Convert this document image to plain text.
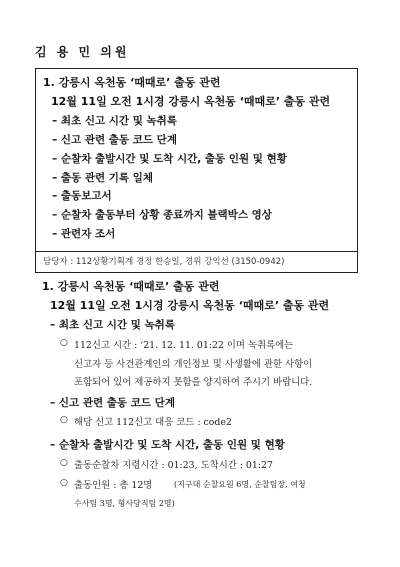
김 용 민 의원
1. 강릉시 옥천동 ‘때때로’ 출동 관련
12월 11일 오전 1시경 강릉시 옥천동 ‘때때로’ 출동 관련
– 최초 신고 시간 및 녹취록
– 신고 관련 출동 코드 단계
– 순찰차 출발시간 및 도착 시간, 출동 인원 및 현황
– 출동 관련 기록 일체
– 출동보고서
– 순찰차 출동부터 상황 종료까지 블랙박스 영상
– 관련자 조서
담당자 : 112상황기획계 경정 한승일, 경위 강익선 (3150-0942)
1. 강릉시 옥천동 ‘때때로’ 출동 관련
12월 11일 오전 1시경 강릉시 옥천동 ‘때때로’ 출동 관련
– 최초 신고 시간 및 녹취록
○ 112신고 시간 : ‘21. 12. 11. 01:22 이며 녹취록에는
신고자 등 사건관계인의 개인정보 및 사생활에 관한 사항이
포함되어 있어 제공하지 못함을 양지하여 주시기 바랍니다.
– 신고 관련 출동 코드 단계
○ 해당 신고 112신고 대응 코드 : code2
– 순찰차 출발시간 및 도착 시간, 출동 인원 및 현황
○ 출동순찰차 지령시간 : 01:23, 도착시간 : 01:27
○ 출동인원 : 총 12명	(지구대 순찰요원 6명, 순찰팀장, 여청
수사팀 3명, 형사당직팀 2명)
